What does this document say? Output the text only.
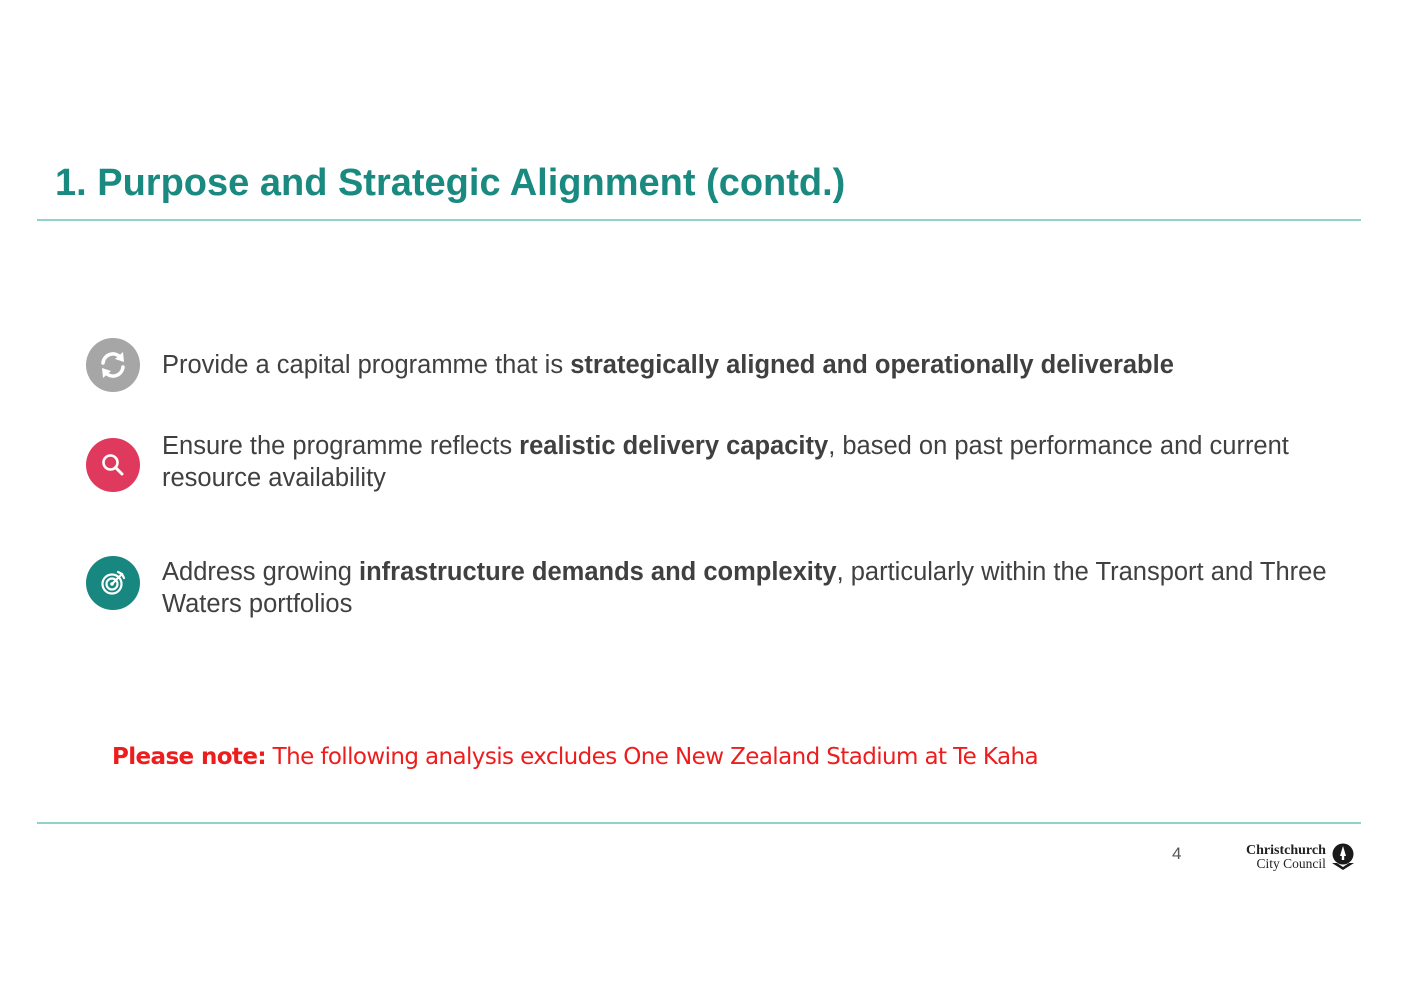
1. Purpose and Strategic Alignment (contd.)

Provide a capital programme that is strategically aligned and operationally deliverable

Ensure the programme reflects realistic delivery capacity, based on past performance and current resource availability

Address growing infrastructure demands and complexity, particularly within the Transport and Three Waters portfolios

Please note: The following analysis excludes One New Zealand Stadium at Te Kaha

4	Christchurch
City Council
